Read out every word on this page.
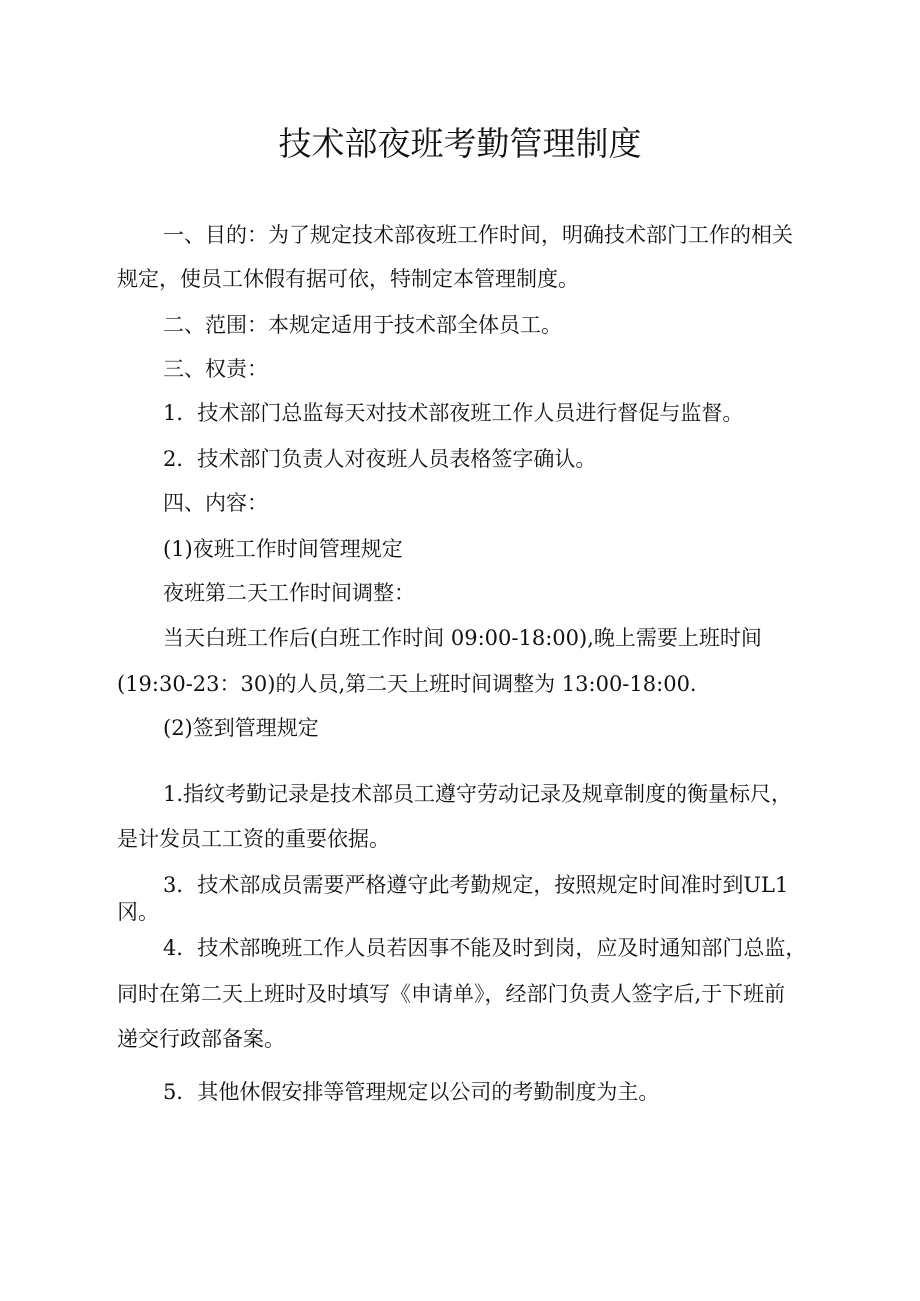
技术部夜班考勤管理制度

一、目的：为了规定技术部夜班工作时间，明确技术部门工作的相关

规定，使员工休假有据可依，特制定本管理制度。

二、范围：本规定适用于技术部全体员工。

三、权责：

1．技术部门总监每天对技术部夜班工作人员进行督促与监督。

2．技术部门负责人对夜班人员表格签字确认。

四、内容：

(1)夜班工作时间管理规定

夜班第二天工作时间调整：

当天白班工作后(白班工作时间 09:00-18:00),晚上需要上班时间

(19:30-23：30)的人员,第二天上班时间调整为 13:00-18:00.

(2)签到管理规定

1.指纹考勤记录是技术部员工遵守劳动记录及规章制度的衡量标尺，

是计发员工工资的重要依据。

3．技术部成员需要严格遵守此考勤规定，按照规定时间准时到UL1

冈。

4．技术部晚班工作人员若因事不能及时到岗，应及时通知部门总监，

同时在第二天上班时及时填写《申请单》，经部门负责人签字后,于下班前

递交行政部备案。

5．其他休假安排等管理规定以公司的考勤制度为主。
